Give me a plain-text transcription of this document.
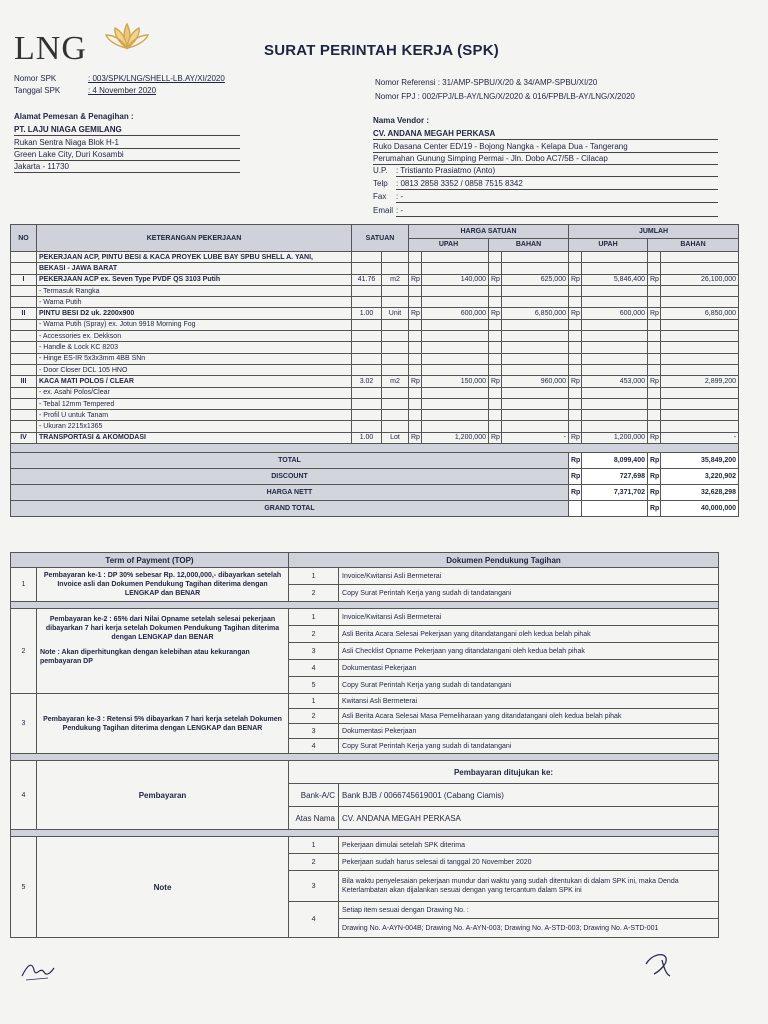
LNG	SURAT PERINTAH KERJA (SPK)
Nomor SPK	: 003/SPK/LNG/SHELL-LB.AY/XI/2020
Tanggal SPK	: 4 November 2020
Nomor Referensi : 31/AMP-SPBU/X/20 & 34/AMP-SPBU/XI/20
Nomor FPJ : 002/FPJ/LB-AY/LNG/X/2020 & 016/FPB/LB-AY/LNG/X/2020
Alamat Pemesan & Penagihan :
PT. LAJU NIAGA GEMILANG
Rukan Sentra Niaga Blok H-1
Green Lake City, Duri Kosambi
Jakarta - 11730
Nama Vendor :
CV. ANDANA MEGAH PERKASA
Ruko Dasana Center ED/19 - Bojong Nangka - Kelapa Dua - Tangerang
Perumahan Gunung Simping Permai - Jln. Dobo AC7/5B - Cilacap
U.P. : Tristianto Prasiatmo (Anto)
Telp : 0813 2858 3352 / 0858 7515 8342
Fax : -
Email : -
NO	KETERANGAN PEKERJAAN	SATUAN		HARGA SATUAN				JUMLAH			
				UPAH		BAHAN		UPAH		BAHAN	
	PEKERJAAN ACP, PINTU BESI & KACA PROYEK LUBE BAY SPBU SHELL A. YANI,										
	BEKASI - JAWA BARAT										
I	PEKERJAAN ACP ex. Seven Type PVDF QS 3103 Putih	41.76	m2	Rp	140,000	Rp	625,000	Rp	5,846,400	Rp	26,100,000
	- Termasuk Rangka										
	- Warna Putih										
II	PINTU BESI D2 uk. 2200x900	1.00	Unit	Rp	600,000	Rp	6,850,000	Rp	600,000	Rp	6,850,000
	- Warna Putih (Spray) ex. Jotun 9918 Morning Fog										
	- Accessories ex. Dekkson										
	- Handle & Lock KC 8203										
	- Hinge ES-IR 5x3x3mm 4BB SNn										
	- Door Closer DCL 105 HNO										
III	KACA MATI POLOS / CLEAR	3.02	m2	Rp	150,000	Rp	960,000	Rp	453,000	Rp	2,899,200
	- ex. Asahi Polos/Clear										
	- Tebal 12mm Tempered										
	- Profil U untuk Tanam										
	- Ukuran 2215x1365										
IV	TRANSPORTASI & AKOMODASI	1.00	Lot	Rp	1,200,000	Rp	-	Rp	1,200,000	Rp	-

TOTAL								Rp	8,099,400	Rp	35,849,200
DISCOUNT								Rp	727,698	Rp	3,220,902
HARGA NETT								Rp	7,371,702	Rp	32,628,298
GRAND TOTAL										Rp	40,000,000
Term of Payment (TOP)		Dokumen Pendukung Tagihan	
1	Pembayaran ke-1 : DP 30% sebesar Rp. 12,000,000,- dibayarkan setelah Invoice asli dan Dokumen Pendukung Tagihan diterima dengan LENGKAP dan BENAR	1	Invoice/Kwitansi Asli Bermeterai
		2	Copy Surat Perintah Kerja yang sudah di tandatangani

2	Pembayaran ke-2 : 65% dari Nilai Opname setelah selesai pekerjaan dibayarkan 7 hari kerja setelah Dokumen Pendukung Tagihan diterima dengan LENGKAP dan BENAR
Note : Akan diperhitungkan dengan kelebihan atau kekurangan pembayaran DP	1	Invoice/Kwitansi Asli Bermeterai
		2	Asli Berita Acara Selesai Pekerjaan yang ditandatangani oleh kedua belah pihak
		3	Asli Checklist Opname Pekerjaan yang ditandatangani oleh kedua belah pihak
		4	Dokumentasi Pekerjaan
		5	Copy Surat Perintah Kerja yang sudah di tandatangani
3	Pembayaran ke-3 : Retensi 5% dibayarkan 7 hari kerja setelah Dokumen Pendukung Tagihan diterima dengan LENGKAP dan BENAR	1	Kwitansi Asli Bermeterai
		2	Asli Berita Acara Selesai Masa Pemeliharaan yang ditandatangani oleh kedua belah pihak
		3	Dokumentasi Pekerjaan
		4	Copy Surat Perintah Kerja yang sudah di tandatangani

4	Pembayaran	Pembayaran ditujukan ke:	
		Bank-A/C	Bank BJB / 0066745619001 (Cabang Ciamis)
		Atas Nama	CV. ANDANA MEGAH PERKASA

5	Note	1	Pekerjaan dimulai setelah SPK diterima
		2	Pekerjaan sudah harus selesai di tanggal 20 November 2020
		3	Bila waktu penyelesaian pekerjaan mundur dari waktu yang sudah ditentukan di dalam SPK ini, maka Denda Keterlambatan akan dijalankan sesuai dengan yang tercantum dalam SPK ini
		4	Setiap item sesuai dengan Drawing No. :
			Drawing No. A-AYN-004B; Drawing No. A-AYN-003; Drawing No. A-STD-003; Drawing No. A-STD-001
